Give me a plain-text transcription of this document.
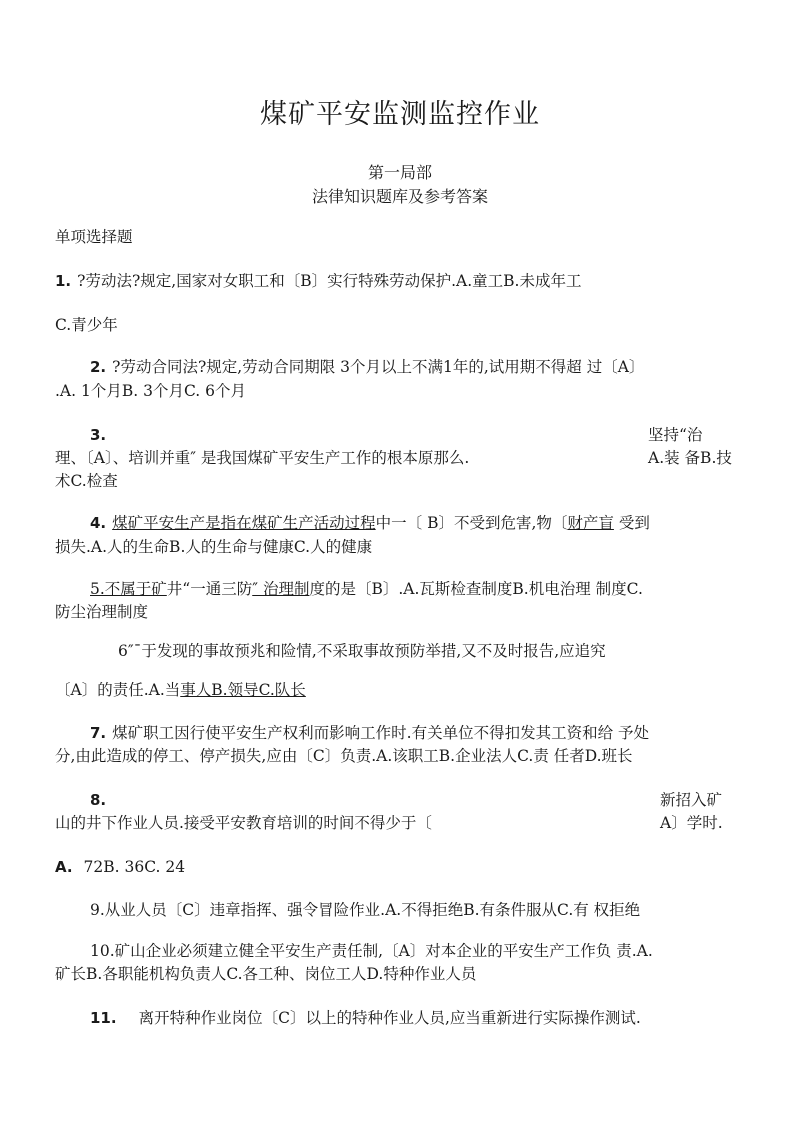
煤矿平安监测监控作业
第一局部
法律知识题库及参考答案
单项选择题
1. ?劳动法?规定,国家对女职工和〔B〕实行特殊劳动保护.A.童工B.未成年工
C.青少年
2. ?劳动合同法?规定,劳动合同期限 3个月以上不满1年的,试用期不得超 过〔A〕
.A. 1个月B. 3个月C. 6个月
3.	坚持“治
理、〔A〕、培训并重″ 是我国煤矿平安生产工作的根本原那么.	A.装 备B.技
术C.检查
4. 煤矿平安生产是指在煤矿生产活动过程中一〔 B〕不受到危害,物〔财产盲 受到
损失.A.人的生命B.人的生命与健康C.人的健康
5.不属于矿井“一通三防″ 治理制度的是〔B〕.A.瓦斯检查制度B.机电治理 制度C.
防尘治理制度
6″¯于发现的事故预兆和险情,不采取事故预防举措,又不及时报告,应追究
〔A〕的责任.A.当事人B.领导C.队长
7. 煤矿职工因行使平安生产权利而影响工作时.有关单位不得扣发其工资和给 予处
分,由此造成的停工、停产损失,应由〔C〕负责.A.该职工B.企业法人C.责 任者D.班长
8.	新招入矿
山的井下作业人员.接受平安教育培训的时间不得少于〔	A〕学时.
A. 72B. 36C. 24
9.从业人员〔C〕违章指挥、强令冒险作业.A.不得拒绝B.有条件服从C.有 权拒绝
10.矿山企业必须建立健全平安生产责任制,〔A〕对本企业的平安生产工作负 责.A.
矿长B.各职能机构负责人C.各工种、岗位工人D.特种作业人员
11. 离开特种作业岗位〔C〕以上的特种作业人员,应当重新进行实际操作测试.
